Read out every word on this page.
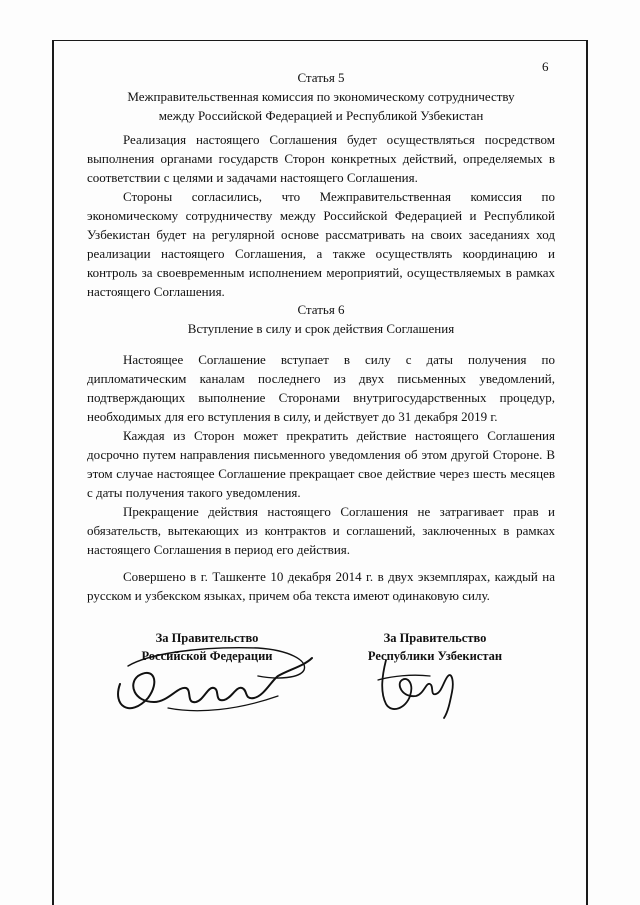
6

Статья 5

Межправительственная комиссия по экономическому сотрудничеству

между Российской Федерацией и Республикой Узбекистан

Реализация настоящего Соглашения будет осуществляться посредством выполнения органами государств Сторон конкретных действий, определяемых в соответствии с целями и задачами настоящего Соглашения.

Стороны согласились, что Межправительственная комиссия по экономическому сотрудничеству между Российской Федерацией и Республикой Узбекистан будет на регулярной основе рассматривать на своих заседаниях ход реализации настоящего Соглашения, а также осуществлять координацию и контроль за своевременным исполнением мероприятий, осуществляемых в рамках настоящего Соглашения.

Статья 6

Вступление в силу и срок действия Соглашения

Настоящее Соглашение вступает в силу с даты получения по дипломатическим каналам последнего из двух письменных уведомлений, подтверждающих выполнение Сторонами внутригосударственных процедур, необходимых для его вступления в силу, и действует до 31 декабря 2019 г.

Каждая из Сторон может прекратить действие настоящего Соглашения досрочно путем направления письменного уведомления об этом другой Стороне. В этом случае настоящее Соглашение прекращает свое действие через шесть месяцев с даты получения такого уведомления.

Прекращение действия настоящего Соглашения не затрагивает прав и обязательств, вытекающих из контрактов и соглашений, заключенных в рамках настоящего Соглашения в период его действия.

Совершено в г. Ташкенте 10 декабря 2014 г. в двух экземплярах, каждый на русском и узбекском языках, причем оба текста имеют одинаковую силу.

За Правительство
Российской Федерации
За Правительство
Республики Узбекистан
